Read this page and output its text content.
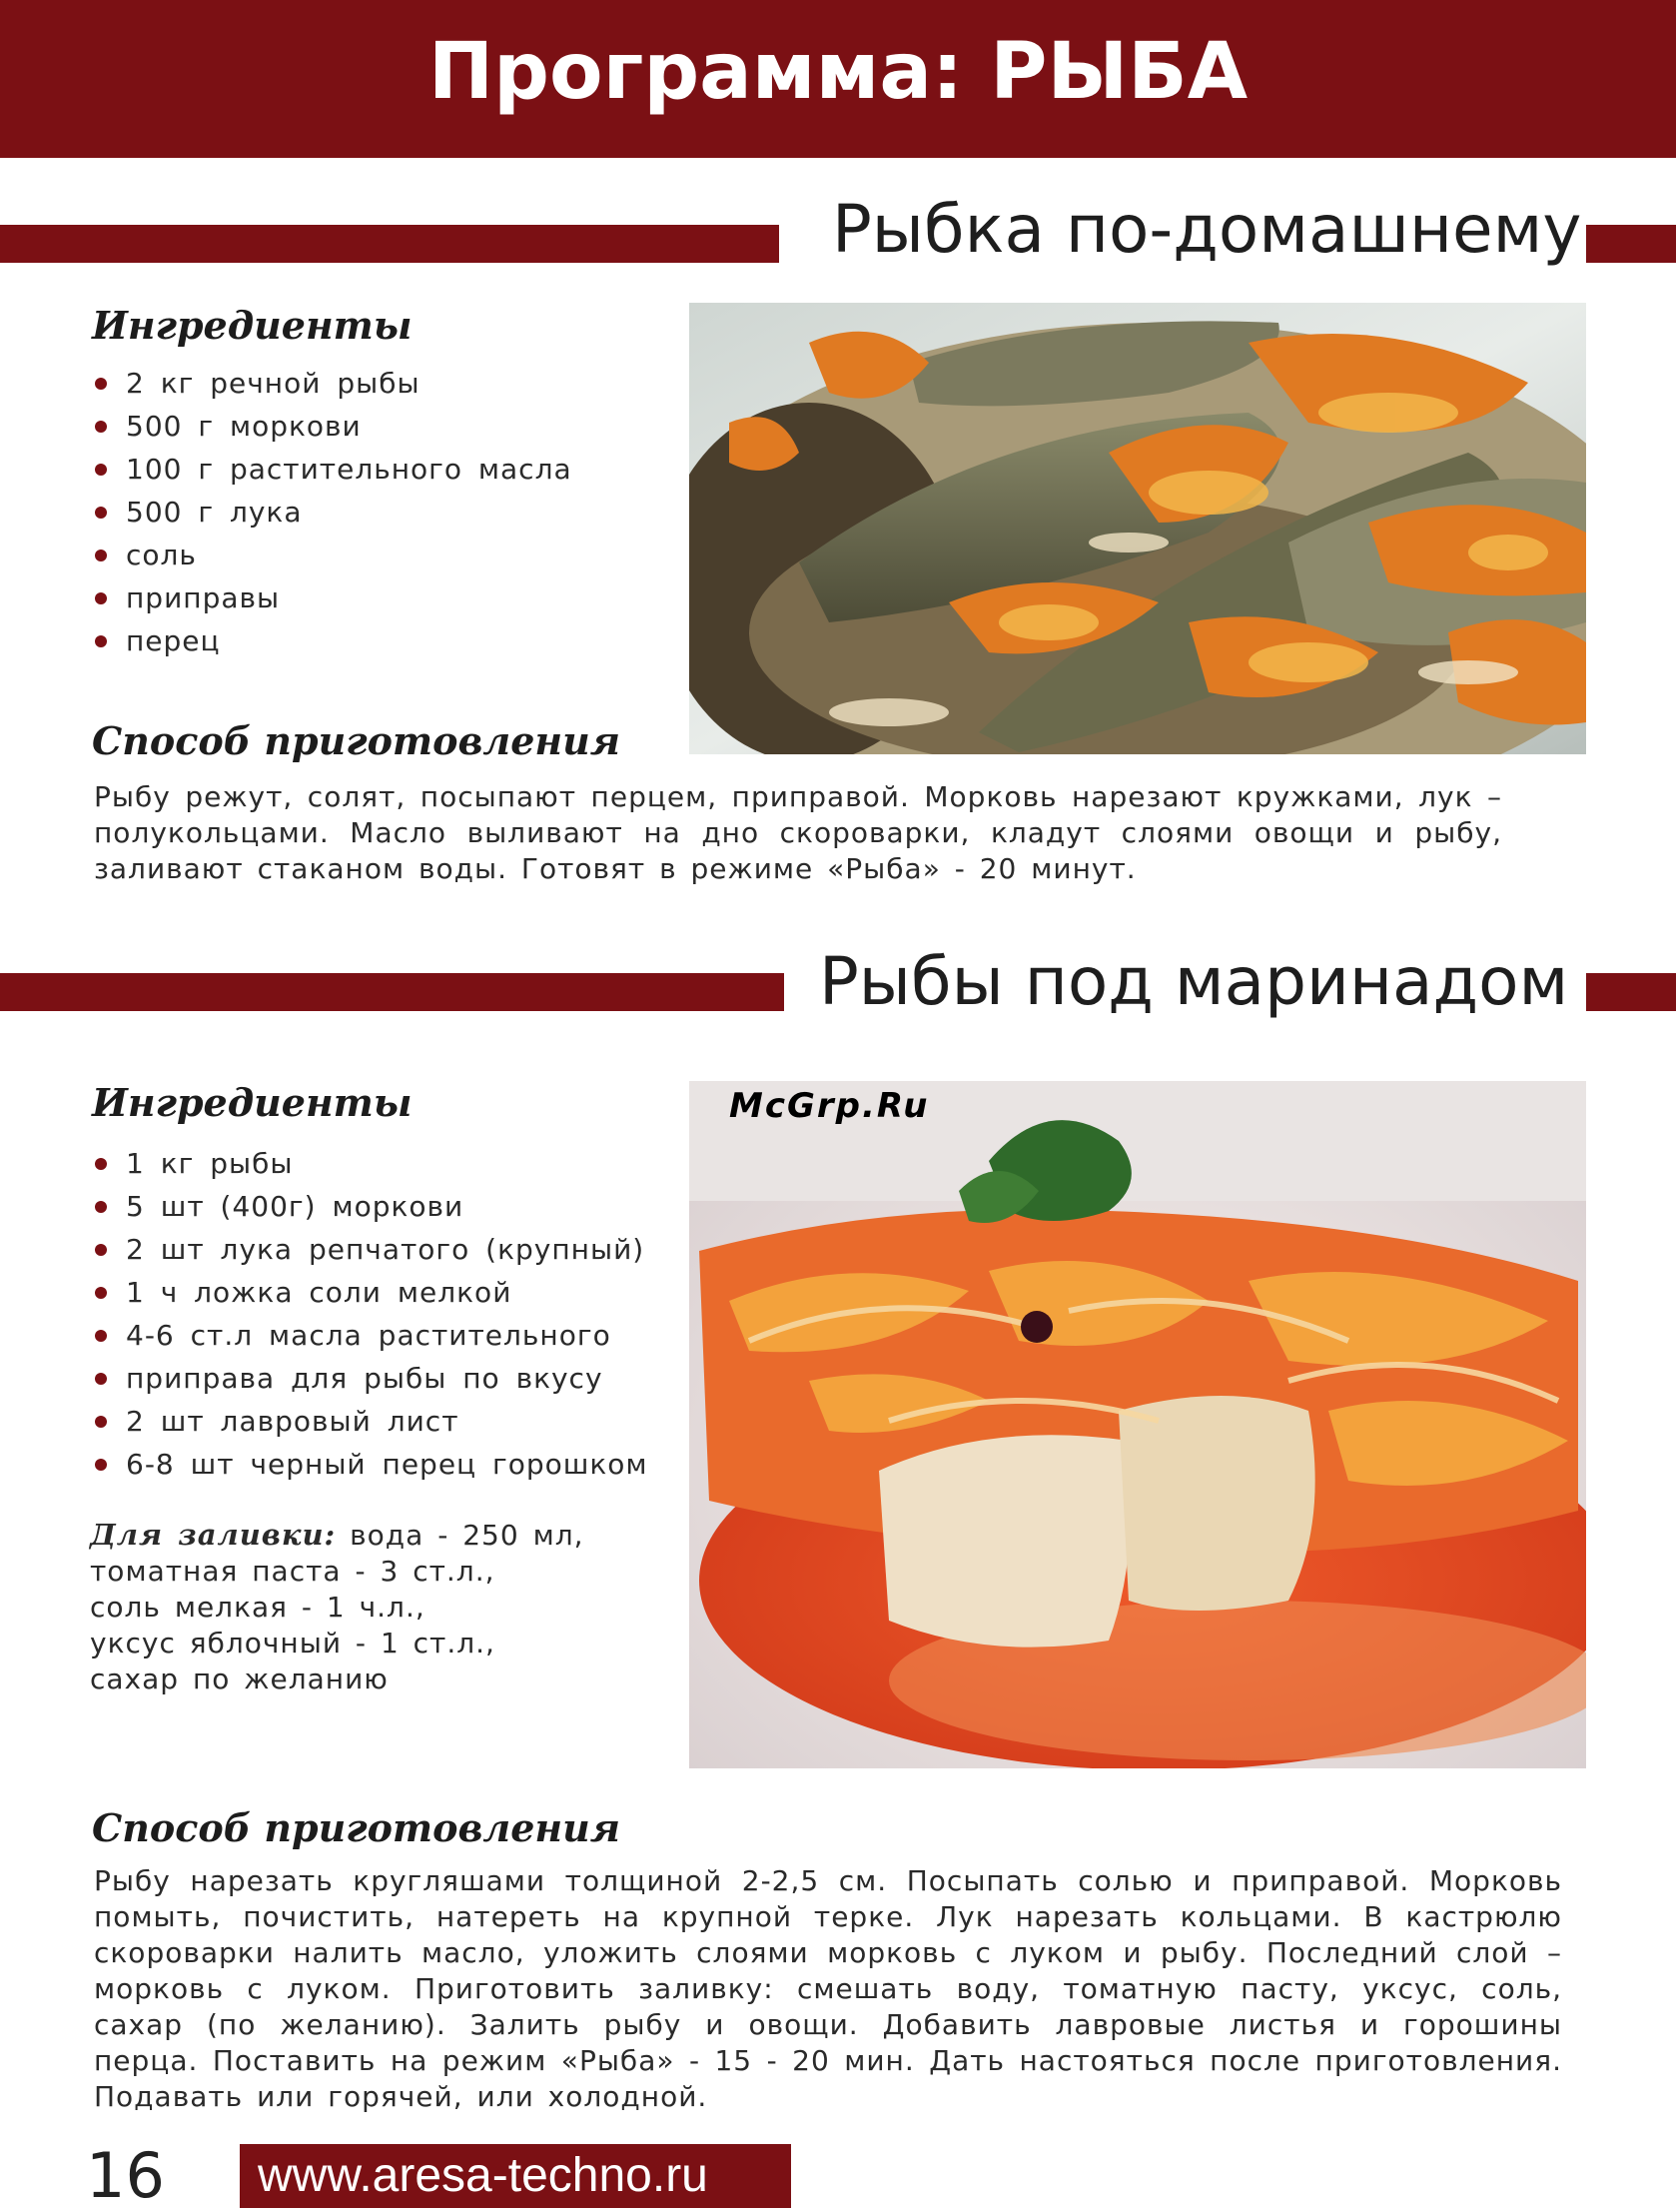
Программа: РЫБА
Рыбка по-домашнему
Ингредиенты
2 кг речной рыбы
500 г моркови
100 г растительного масла
500 г лука
соль
приправы
перец
Способ приготовления
Рыбу режут, солят, посыпают перцем, приправой. Морковь нарезают кружками, лук – полукольцами. Масло выливают на дно скороварки, кладут слоями овощи и рыбу, заливают стаканом воды. Готовят в режиме «Рыба» - 20 минут.
Рыбы под маринадом
Ингредиенты
1 кг рыбы
5 шт (400г) моркови
2 шт лука репчатого (крупный)
1 ч ложка соли мелкой
4-6 ст.л масла растительного
приправа для рыбы по вкусу
2 шт лавровый лист
6-8 шт черный перец горошком
Для заливки: вода - 250 мл,
томатная паста - 3 ст.л.,
соль мелкая - 1 ч.л.,
уксус яблочный - 1 ст.л.,
сахар по желанию
McGrp.Ru
Способ приготовления
Рыбу нарезать кругляшами толщиной 2-2,5 см. Посыпать солью и приправой. Морковь помыть, почистить, натереть на крупной терке. Лук нарезать кольцами. В кастрюлю скороварки налить масло, уложить слоями морковь с луком и рыбу. Последний слой – морковь с луком. Приготовить заливку: смешать воду, томатную пасту, уксус, соль, сахар (по желанию). Залить рыбу и овощи. Добавить лавровые листья и горошины перца. Поставить на режим «Рыба» - 15 - 20 мин. Дать настояться после приготовления. Подавать или горячей, или холодной.
16	www.aresa-techno.ru
